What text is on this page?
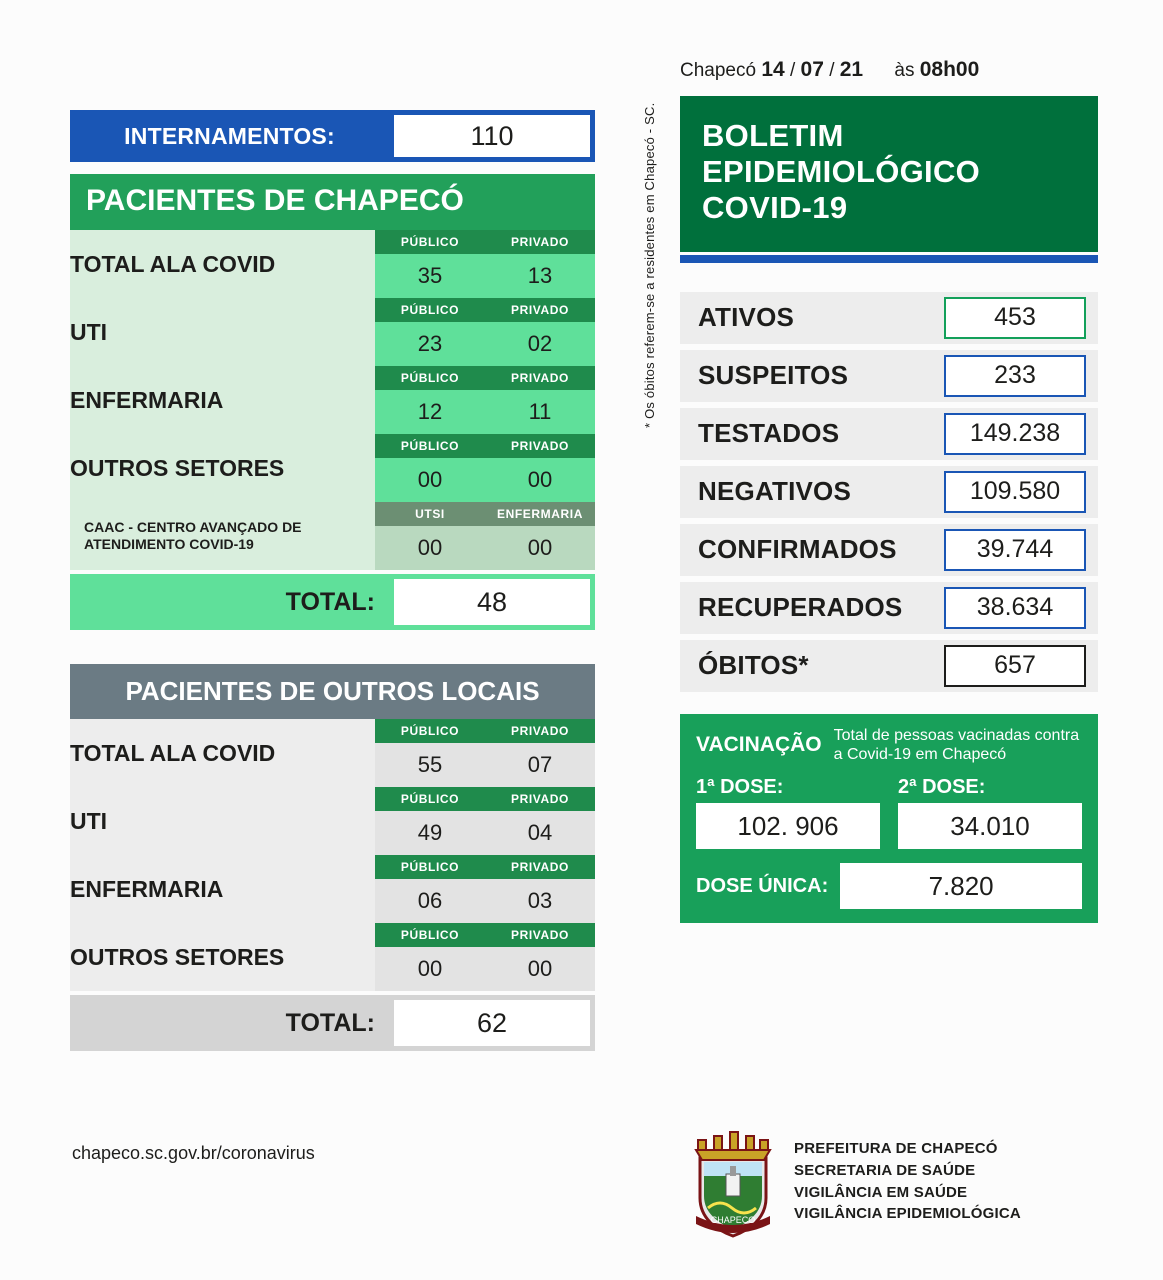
INTERNAMENTOS:	110
PACIENTES DE CHAPECÓ
TOTAL ALA COVID	PÚBLICO	PRIVADO
	35	13
UTI	PÚBLICO	PRIVADO
	23	02
ENFERMARIA	PÚBLICO	PRIVADO
	12	11
OUTROS SETORES	PÚBLICO	PRIVADO
	00	00
CAAC - CENTRO AVANÇADO DE ATENDIMENTO COVID-19	UTSI	ENFERMARIA
	00	00
TOTAL:	48
PACIENTES DE OUTROS LOCAIS
TOTAL ALA COVID	PÚBLICO	PRIVADO
	55	07
UTI	PÚBLICO	PRIVADO
	49	04
ENFERMARIA	PÚBLICO	PRIVADO
	06	03
OUTROS SETORES	PÚBLICO	PRIVADO
	00	00
TOTAL:	62
chapeco.sc.gov.br/coronavirus
* Os óbitos referem-se a residentes em Chapecó - SC.
Chapecó 14 / 07 / 21 às 08h00
BOLETIM EPIDEMIOLÓGICO COVID-19
ATIVOS	453

SUSPEITOS	233

TESTADOS	149.238

NEGATIVOS	109.580

CONFIRMADOS	39.744

RECUPERADOS	38.634

ÓBITOS*	657
VACINAÇÃO Total de pessoas vacinadas contra a Covid-19 em Chapecó
1ª DOSE:
102. 906
2ª DOSE:
34.010
DOSE ÚNICA:	7.820
CHAPECO
PREFEITURA DE CHAPECÓ
SECRETARIA DE SAÚDE
VIGILÂNCIA EM SAÚDE
VIGILÂNCIA EPIDEMIOLÓGICA
